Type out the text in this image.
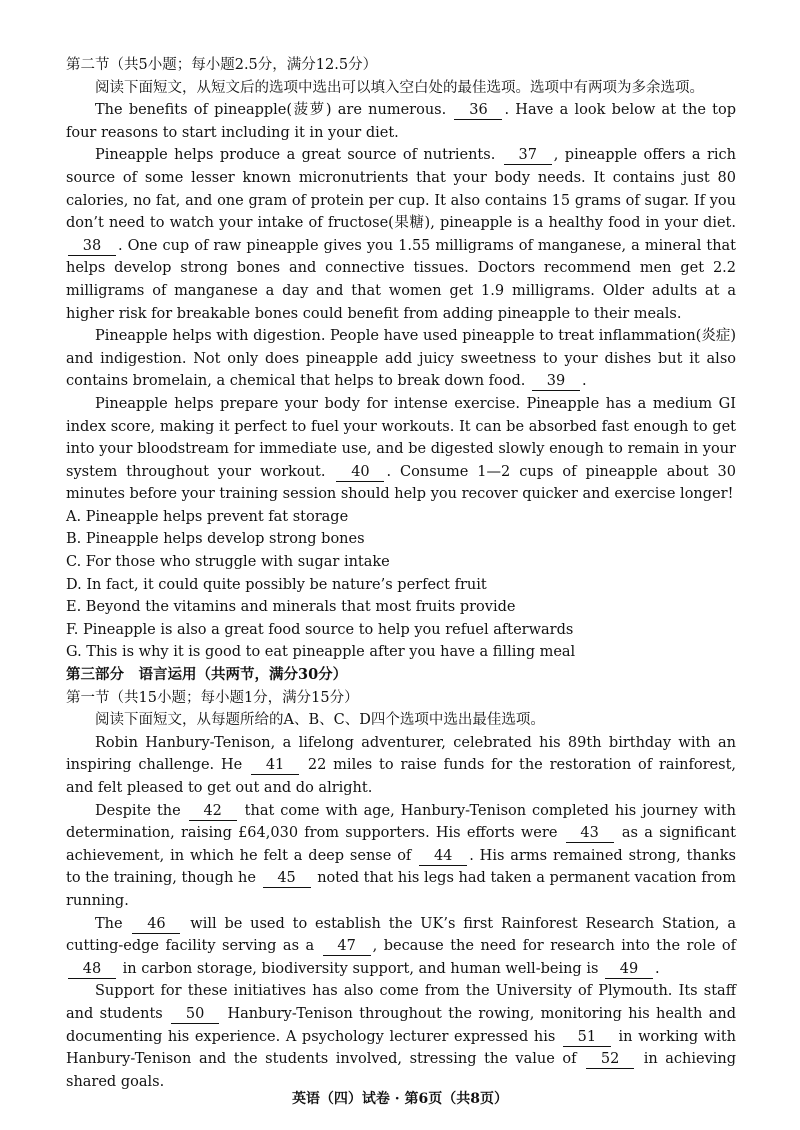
第二节（共5小题；每小题2.5分，满分12.5分）

阅读下面短文，从短文后的选项中选出可以填入空白处的最佳选项。选项中有两项为多余选项。

The benefits of pineapple(菠萝) are numerous. 36 . Have a look below at the top four reasons to start including it in your diet.

Pineapple helps produce a great source of nutrients. 37 , pineapple offers a rich source of some lesser known micronutrients that your body needs. It contains just 80 calories, no fat, and one gram of protein per cup. It also contains 15 grams of sugar. If you don’t need to watch your intake of fructose(果糖), pineapple is a healthy food in your diet. 38 . One cup of raw pineapple gives you 1.55 milligrams of manganese, a mineral that helps develop strong bones and connective tissues. Doctors recommend men get 2.2 milligrams of manganese a day and that women get 1.9 milligrams. Older adults at a higher risk for breakable bones could benefit from adding pineapple to their meals.

Pineapple helps with digestion. People have used pineapple to treat inflammation(炎症) and indigestion. Not only does pineapple add juicy sweetness to your dishes but it also contains bromelain, a chemical that helps to break down food. 39 .

Pineapple helps prepare your body for intense exercise. Pineapple has a medium GI index score, making it perfect to fuel your workouts. It can be absorbed fast enough to get into your bloodstream for immediate use, and be digested slowly enough to remain in your system throughout your workout. 40 . Consume 1—2 cups of pineapple about 30 minutes before your training session should help you recover quicker and exercise longer!

A. Pineapple helps prevent fat storage

B. Pineapple helps develop strong bones

C. For those who struggle with sugar intake

D. In fact, it could quite possibly be nature’s perfect fruit

E. Beyond the vitamins and minerals that most fruits provide

F. Pineapple is also a great food source to help you refuel afterwards

G. This is why it is good to eat pineapple after you have a filling meal

第三部分　语言运用（共两节，满分30分）

第一节（共15小题；每小题1分，满分15分）

阅读下面短文，从每题所给的A、B、C、D四个选项中选出最佳选项。

Robin Hanbury-Tenison, a lifelong adventurer, celebrated his 89th birthday with an inspiring challenge. He 41 22 miles to raise funds for the restoration of rainforest, and felt pleased to get out and do alright.

Despite the 42 that come with age, Hanbury-Tenison completed his journey with determination, raising £64,030 from supporters. His efforts were 43 as a significant achievement, in which he felt a deep sense of 44 . His arms remained strong, thanks to the training, though he 45 noted that his legs had taken a permanent vacation from running.

The 46 will be used to establish the UK’s first Rainforest Research Station, a cutting-edge facility serving as a 47 , because the need for research into the role of 48 in carbon storage, biodiversity support, and human well-being is 49 .

Support for these initiatives has also come from the University of Plymouth. Its staff and students 50 Hanbury-Tenison throughout the rowing, monitoring his health and documenting his experience. A psychology lecturer expressed his 51 in working with Hanbury-Tenison and the students involved, stressing the value of 52 in achieving shared goals.

英语（四）试卷 · 第6页（共8页）
